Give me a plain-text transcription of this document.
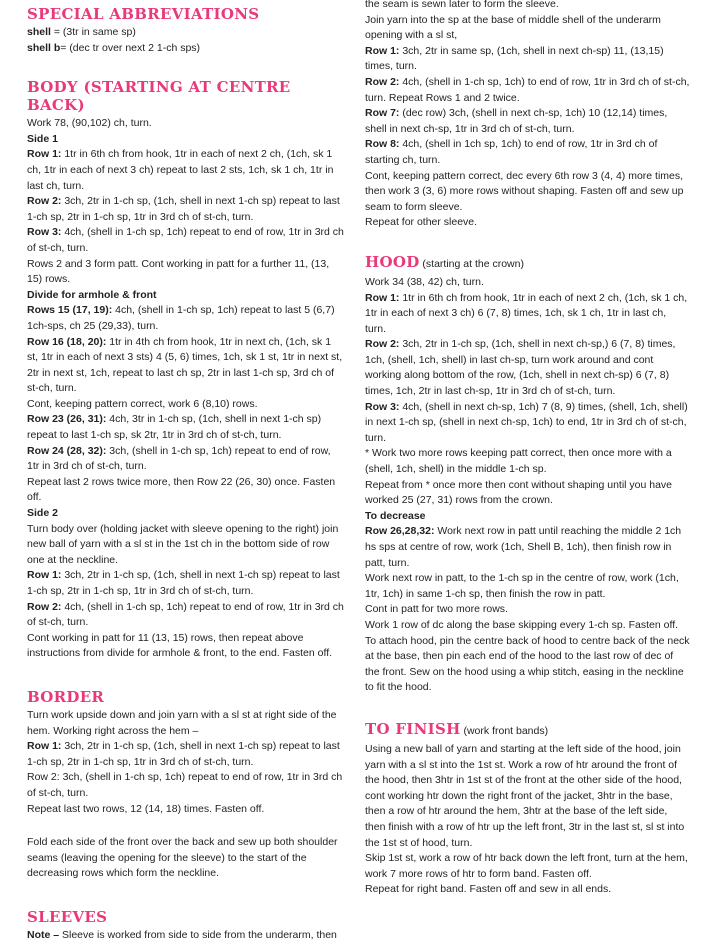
SPECIAL ABBREVIATIONS

shell = (3tr in same sp)

shell b= (dec tr over next 2 1-ch sps)

BODY (STARTING AT CENTRE BACK)

Work 78, (90,102) ch, turn.

Side 1

Row 1: 1tr in 6th ch from hook, 1tr in each of next 2 ch, (1ch, sk 1 ch, 1tr in each of next 3 ch) repeat to last 2 sts, 1ch, sk 1 ch, 1tr in last ch, turn.

Row 2: 3ch, 2tr in 1-ch sp, (1ch, shell in next 1-ch sp) repeat to last 1-ch sp, 2tr in 1-ch sp, 1tr in 3rd ch of st-ch, turn.

Row 3: 4ch, (shell in 1-ch sp, 1ch) repeat to end of row, 1tr in 3rd ch of st-ch, turn.

Rows 2 and 3 form patt. Cont working in patt for a further 11, (13, 15) rows.

Divide for armhole & front

Rows 15 (17, 19): 4ch, (shell in 1-ch sp, 1ch) repeat to last 5 (6,7) 1ch-sps, ch 25 (29,33), turn.

Row 16 (18, 20): 1tr in 4th ch from hook, 1tr in next ch, (1ch, sk 1 st, 1tr in each of next 3 sts) 4 (5, 6) times, 1ch, sk 1 st, 1tr in next st, 2tr in next st, 1ch, repeat to last ch sp, 2tr in last 1-ch sp, 3rd ch of st-ch, turn.

Cont, keeping pattern correct, work 6 (8,10) rows.

Row 23 (26, 31): 4ch, 3tr in 1-ch sp, (1ch, shell in next 1-ch sp) repeat to last 1-ch sp, sk 2tr, 1tr in 3rd ch of st-ch, turn.

Row 24 (28, 32): 3ch, (shell in 1-ch sp, 1ch) repeat to end of row, 1tr in 3rd ch of st-ch, turn.

Repeat last 2 rows twice more, then Row 22 (26, 30) once. Fasten off.

Side 2

Turn body over (holding jacket with sleeve opening to the right) join new ball of yarn with a sl st in the 1st ch in the bottom side of row one at the neckline.

Row 1: 3ch, 2tr in 1-ch sp, (1ch, shell in next 1-ch sp) repeat to last 1-ch sp, 2tr in 1-ch sp, 1tr in 3rd ch of st-ch, turn.

Row 2: 4ch, (shell in 1-ch sp, 1ch) repeat to end of row, 1tr in 3rd ch of st-ch, turn.

Cont working in patt for 11 (13, 15) rows, then repeat above instructions from divide for armhole & front, to the end. Fasten off.

BORDER

Turn work upside down and join yarn with a sl st at right side of the hem. Working right across the hem –

Row 1: 3ch, 2tr in 1-ch sp, (1ch, shell in next 1-ch sp) repeat to last 1-ch sp, 2tr in 1-ch sp, 1tr in 3rd ch of st-ch, turn.

Row 2: 3ch, (shell in 1-ch sp, 1ch) repeat to end of row, 1tr in 3rd ch of st-ch, turn.

Repeat last two rows, 12 (14, 18) times. Fasten off.

Fold each side of the front over the back and sew up both shoulder seams (leaving the opening for the sleeve) to the start of the decreasing rows which form the neckline.

SLEEVES

Note – Sleeve is worked from side to side from the underarm, then

the seam is sewn later to form the sleeve.

Join yarn into the sp at the base of middle shell of the underarm opening with a sl st,

Row 1: 3ch, 2tr in same sp, (1ch, shell in next ch-sp) 11, (13,15) times, turn.

Row 2: 4ch, (shell in 1-ch sp, 1ch) to end of row, 1tr in 3rd ch of st-ch, turn. Repeat Rows 1 and 2 twice.

Row 7: (dec row) 3ch, (shell in next ch-sp, 1ch) 10 (12,14) times, shell in next ch-sp, 1tr in 3rd ch of st-ch, turn.

Row 8: 4ch, (shell in 1ch sp, 1ch) to end of row, 1tr in 3rd ch of starting ch, turn.

Cont, keeping pattern correct, dec every 6th row 3 (4, 4) more times, then work 3 (3, 6) more rows without shaping. Fasten off and sew up seam to form sleeve.

Repeat for other sleeve.

HOOD (starting at the crown)

Work 34 (38, 42) ch, turn.

Row 1: 1tr in 6th ch from hook, 1tr in each of next 2 ch, (1ch, sk 1 ch, 1tr in each of next 3 ch) 6 (7, 8) times, 1ch, sk 1 ch, 1tr in last ch, turn.

Row 2: 3ch, 2tr in 1-ch sp, (1ch, shell in next ch-sp,) 6 (7, 8) times, 1ch, (shell, 1ch, shell) in last ch-sp, turn work around and cont working along bottom of the row, (1ch, shell in next ch-sp) 6 (7, 8) times, 1ch, 2tr in last ch-sp, 1tr in 3rd ch of st-ch, turn.

Row 3: 4ch, (shell in next ch-sp, 1ch) 7 (8, 9) times, (shell, 1ch, shell) in next 1-ch sp, (shell in next ch-sp, 1ch) to end, 1tr in 3rd ch of st-ch, turn.

* Work two more rows keeping patt correct, then once more with a (shell, 1ch, shell) in the middle 1-ch sp.

Repeat from * once more then cont without shaping until you have worked 25 (27, 31) rows from the crown.

To decrease

Row 26,28,32: Work next row in patt until reaching the middle 2 1ch hs sps at centre of row, work (1ch, Shell B, 1ch), then finish row in patt, turn.

Work next row in patt, to the 1-ch sp in the centre of row, work (1ch, 1tr, 1ch) in same 1-ch sp, then finish the row in patt.

Cont in patt for two more rows.

Work 1 row of dc along the base skipping every 1-ch sp. Fasten off. To attach hood, pin the centre back of hood to centre back of the neck at the base, then pin each end of the hood to the last row of dec of the front. Sew on the hood using a whip stitch, easing in the neckline to fit the hood.

TO FINISH (work front bands)

Using a new ball of yarn and starting at the left side of the hood, join yarn with a sl st into the 1st st. Work a row of htr around the front of the hood, then 3htr in 1st st of the front at the other side of the hood, cont working htr down the right front of the jacket, 3htr in the base, then a row of htr around the hem, 3htr at the base of the left side, then finish with a row of htr up the left front, 3tr in the last st, sl st into the 1st st of hood, turn.

Skip 1st st, work a row of htr back down the left front, turn at the hem, work 7 more rows of htr to form band. Fasten off.

Repeat for right band. Fasten off and sew in all ends.
